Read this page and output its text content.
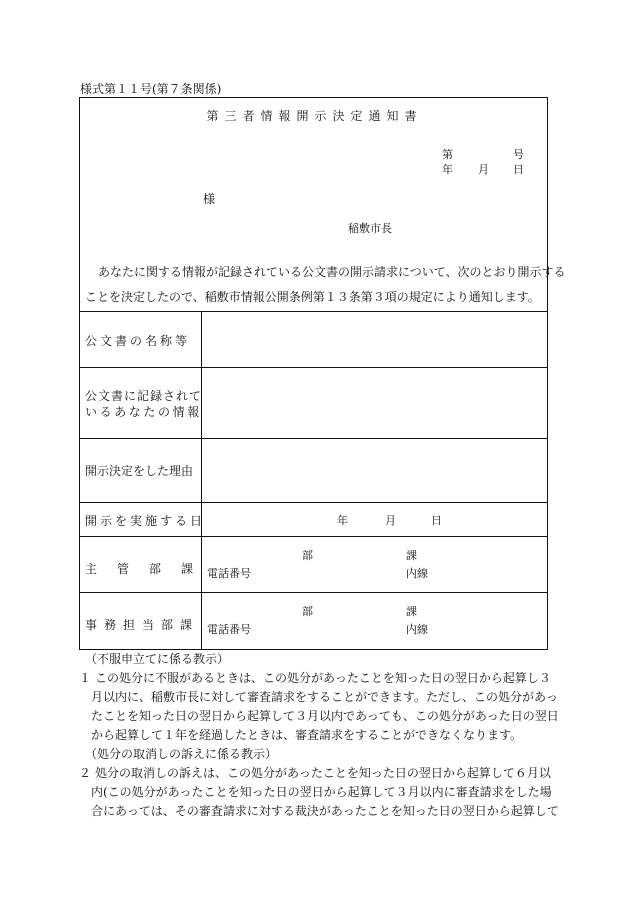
様式第１１号(第７条関係)
第三者情報開示決定通知書
第	号
年 月 日
様
稲敷市長
あなたに関する情報が記録されている公文書の開示請求について、次のとおり開示する
ことを決定したので、稲敷市情報公開条例第１３条第３項の規定により通知します。
公文書の名称等
公文書に記録されて
いるあなたの情報
開示決定をした理由
開示を実施する日	年	月	日
主管部課
部	課
電話番号	内線
事務担当部課
部	課
電話番号	内線
（不服申立てに係る教示）
１ この処分に不服があるときは、この処分があったことを知った日の翌日から起算し３
月以内に、稲敷市長に対して審査請求をすることができます。ただし、この処分があっ
たことを知った日の翌日から起算して３月以内であっても、この処分があった日の翌日
から起算して１年を経過したときは、審査請求をすることができなくなります。
（処分の取消しの訴えに係る教示）
２ 処分の取消しの訴えは、この処分があったことを知った日の翌日から起算して６月以
内(この処分があったことを知った日の翌日から起算して３月以内に審査請求をした場
合にあっては、その審査請求に対する裁決があったことを知った日の翌日から起算して
